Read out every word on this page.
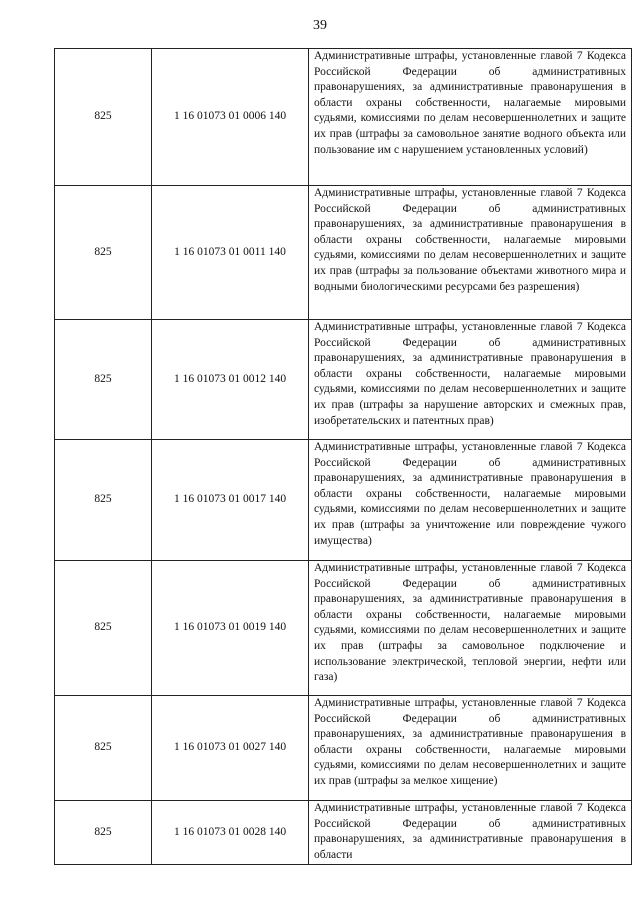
39
825	1 16 01073 01 0006 140	Административные штрафы, установленные главой 7 Кодекса Российской Федерации об административных правонарушениях, за административные правонарушения в области охраны собственности, налагаемые мировыми судьями, комиссиями по делам несовершеннолетних и защите их прав (штрафы за самовольное занятие водного объекта или пользование им с нарушением установленных условий)
825	1 16 01073 01 0011 140	Административные штрафы, установленные главой 7 Кодекса Российской Федерации об административных правонарушениях, за административные правонарушения в области охраны собственности, налагаемые мировыми судьями, комиссиями по делам несовершеннолетних и защите их прав (штрафы за пользование объектами животного мира и водными биологическими ресурсами без разрешения)
825	1 16 01073 01 0012 140	Административные штрафы, установленные главой 7 Кодекса Российской Федерации об административных правонарушениях, за административные правонарушения в области охраны собственности, налагаемые мировыми судьями, комиссиями по делам несовершеннолетних и защите их прав (штрафы за нарушение авторских и смежных прав, изобретательских и патентных прав)
825	1 16 01073 01 0017 140	Административные штрафы, установленные главой 7 Кодекса Российской Федерации об административных правонарушениях, за административные правонарушения в области охраны собственности, налагаемые мировыми судьями, комиссиями по делам несовершеннолетних и защите их прав (штрафы за уничтожение или повреждение чужого имущества)
825	1 16 01073 01 0019 140	Административные штрафы, установленные главой 7 Кодекса Российской Федерации об административных правонарушениях, за административные правонарушения в области охраны собственности, налагаемые мировыми судьями, комиссиями по делам несовершеннолетних и защите их прав (штрафы за самовольное подключение и использование электрической, тепловой энергии, нефти или газа)
825	1 16 01073 01 0027 140	Административные штрафы, установленные главой 7 Кодекса Российской Федерации об административных правонарушениях, за административные правонарушения в области охраны собственности, налагаемые мировыми судьями, комиссиями по делам несовершеннолетних и защите их прав (штрафы за мелкое хищение)
825	1 16 01073 01 0028 140	Административные штрафы, установленные главой 7 Кодекса Российской Федерации об административных правонарушениях, за административные правонарушения в области
